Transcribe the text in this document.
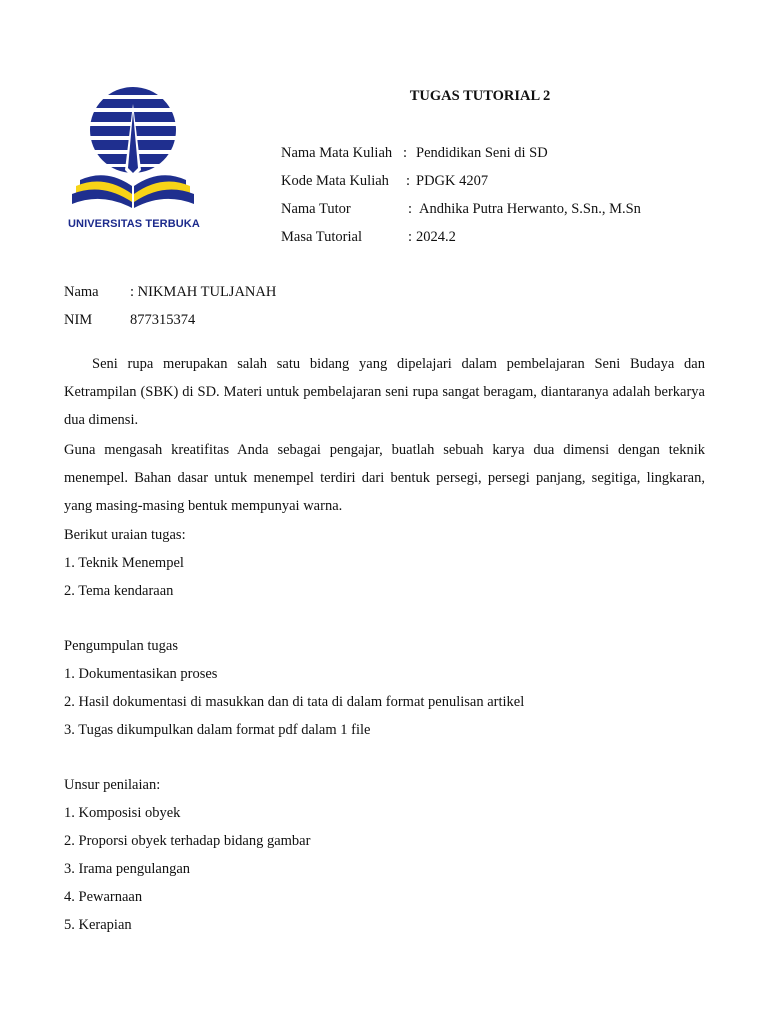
UNIVERSITAS TERBUKA
TUGAS TUTORIAL 2
Nama Mata Kuliah : Pendidikan Seni di SD
Kode Mata Kuliah : PDGK 4207
Nama Tutor	: Andhika Putra Herwanto, S.Sn., M.Sn
Masa Tutorial	: 2024.2
Nama : NIKMAH TULJANAH
NIM	877315374
Seni rupa merupakan salah satu bidang yang dipelajari dalam pembelajaran Seni Budaya dan Ketrampilan (SBK) di SD. Materi untuk pembelajaran seni rupa sangat beragam, diantaranya adalah berkarya dua dimensi.
Guna mengasah kreatifitas Anda sebagai pengajar, buatlah sebuah karya dua dimensi dengan teknik menempel. Bahan dasar untuk menempel terdiri dari bentuk persegi, persegi panjang, segitiga, lingkaran, yang masing-masing bentuk mempunyai warna.
Berikut uraian tugas:
1. Teknik Menempel
2. Tema kendaraan
Pengumpulan tugas
1. Dokumentasikan proses
2. Hasil dokumentasi di masukkan dan di tata di dalam format penulisan artikel
3. Tugas dikumpulkan dalam format pdf dalam 1 file
Unsur penilaian:
1. Komposisi obyek
2. Proporsi obyek terhadap bidang gambar
3. Irama pengulangan
4. Pewarnaan
5. Kerapian
